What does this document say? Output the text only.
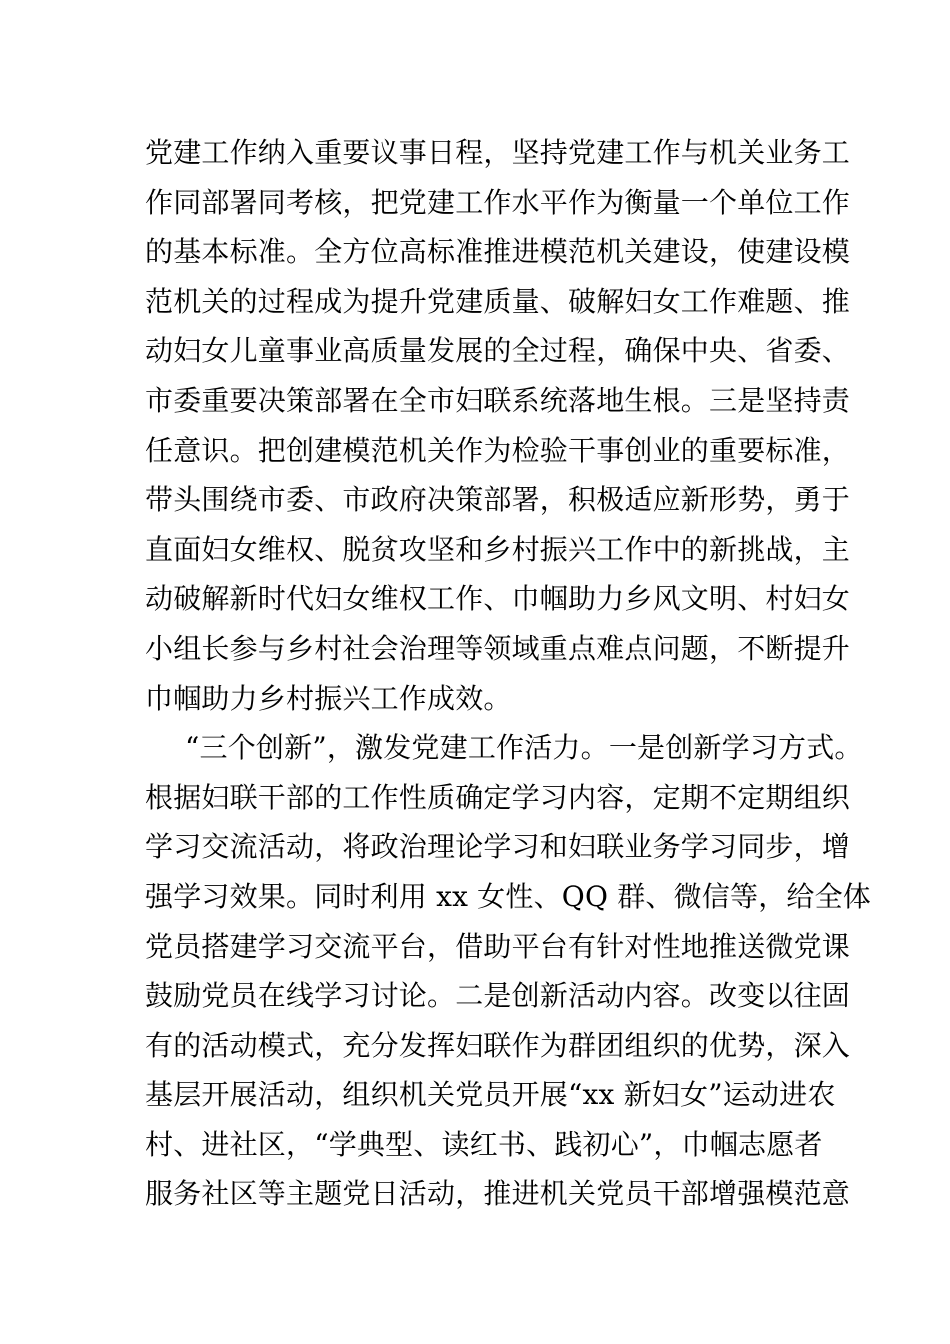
党建工作纳入重要议事日程，坚持党建工作与机关业务工
作同部署同考核，把党建工作水平作为衡量一个单位工作
的基本标准。全方位高标准推进模范机关建设，使建设模
范机关的过程成为提升党建质量、破解妇女工作难题、推
动妇女儿童事业高质量发展的全过程，确保中央、省委、
市委重要决策部署在全市妇联系统落地生根。三是坚持责
任意识。把创建模范机关作为检验干事创业的重要标准，
带头围绕市委、市政府决策部署，积极适应新形势，勇于
直面妇女维权、脱贫攻坚和乡村振兴工作中的新挑战，主
动破解新时代妇女维权工作、巾帼助力乡风文明、村妇女
小组长参与乡村社会治理等领域重点难点问题，不断提升
巾帼助力乡村振兴工作成效。
“三个创新”，激发党建工作活力。一是创新学习方式。
根据妇联干部的工作性质确定学习内容，定期不定期组织
学习交流活动，将政治理论学习和妇联业务学习同步，增
强学习效果。同时利用 xx 女性、QQ 群、微信等，给全体
党员搭建学习交流平台，借助平台有针对性地推送微党课
鼓励党员在线学习讨论。二是创新活动内容。改变以往固
有的活动模式，充分发挥妇联作为群团组织的优势，深入
基层开展活动，组织机关党员开展“xx 新妇女”运动进农
村、进社区，“学典型、读红书、践初心”，巾帼志愿者
服务社区等主题党日活动，推进机关党员干部增强模范意
